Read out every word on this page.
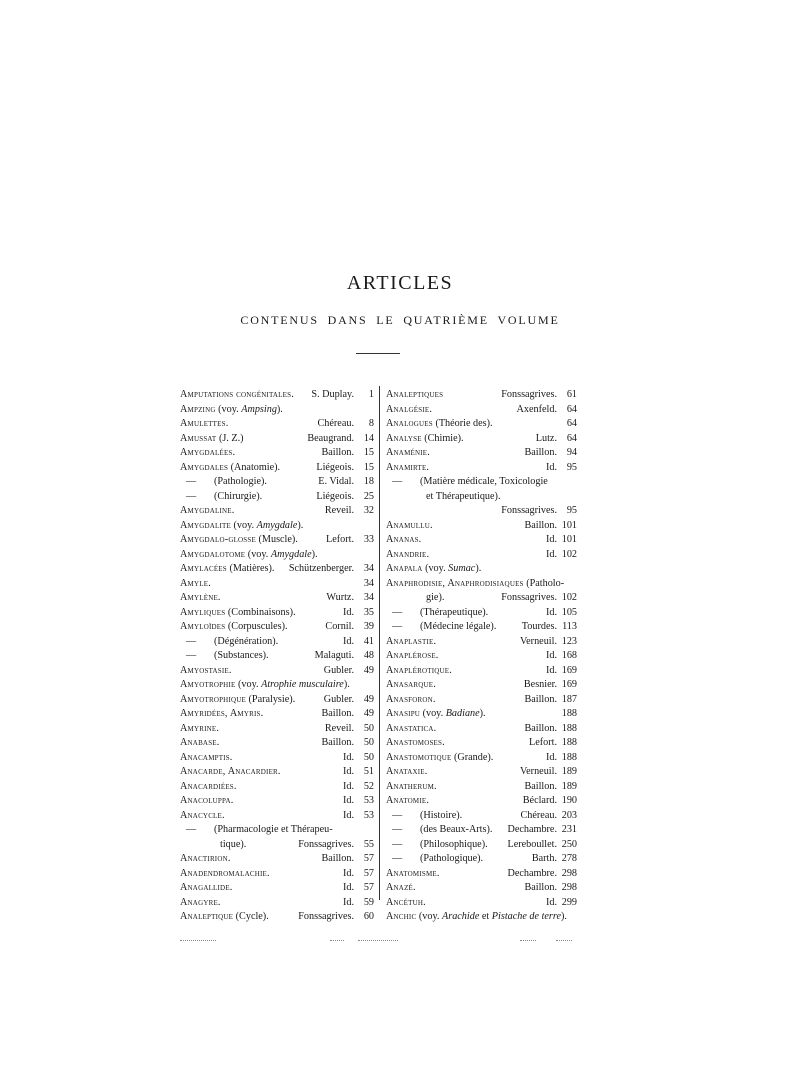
ARTICLES
CONTENUS DANS LE QUATRIÈME VOLUME
Amputations congénitales. S. Duplay.	1
Ampzing (voy. Ampsing).
Amulettes.	Chéreau.	8
Amussat (J. Z.)	Beaugrand. 14
Amygdalées.	Baillon. 15
Amygdales (Anatomie).	Liégeois. 15
— (Pathologie).	E. Vidal. 18
— (Chirurgie).	Liégeois. 25
Amygdaline.	Reveil. 32
Amygdalite (voy. Amygdale).
Amygdalo-glosse (Muscle).	Lefort. 33
Amygdalotome (voy. Amygdale).
Amylacées (Matières). Schützenberger. 34
Amyle.	34
Amylène.	Wurtz. 34
Amyliques (Combinaisons).	Id. 35
Amyloïdes (Corpuscules).	Cornil. 39
— (Dégénération).	Id. 41
— (Substances).	Malaguti. 48
Amyostasie.	Gubler. 49
Amyotrophie (voy. Atrophie musculaire).
Amyotrophique (Paralysie).	Gubler. 49
Amyridées, Amyris.	Baillon. 49
Amyrine.	Reveil. 50
Anabase.	Baillon. 50
Anacamptis.	Id. 50
Anacarde, Anacardier.	Id. 51
Anacardiées.	Id. 52
Anacoluppa.	Id. 53
Anacycle.	Id. 53
— (Pharmacologie et Thérapeu-
tique).	Fonssagrives. 55
Anactirion.	Baillon. 57
Anadendromalachie.	Id. 57
Anagallide.	Id. 57
Anagyre.	Id. 59
Analeptique (Cycle).	Fonssagrives. 60
Analeptiques	Fonssagrives. 61
Analgésie.	Axenfeld. 64
Analogues (Théorie des).	64
Analyse (Chimie).	Lutz. 64
Anaménie.	Baillon. 94
Anamirte.	Id. 95
— (Matière médicale, Toxicologie
et Thérapeutique).
Fonssagrives. 95
Anamullu.	Baillon. 101
Ananas.	Id. 101
Anandrie.	Id. 102
Anapala (voy. Sumac).
Anaphrodisie, Anaphrodisiaques (Patholo-
gie).	Fonssagrives. 102
— (Thérapeutique).	Id. 105
— (Médecine légale). Tourdes. 113
Anaplastie.	Verneuil. 123
Anaplérose.	Id. 168
Anaplérotique.	Id. 169
Anasarque.	Besnier. 169
Anasforon.	Baillon. 187
Anasipu (voy. Badiane).	188
Anastatica.	Baillon. 188
Anastomoses.	Lefort. 188
Anastomotique (Grande).	Id. 188
Anataxie.	Verneuil. 189
Anatherum.	Baillon. 189
Anatomie.	Béclard. 190
— (Histoire).	Chéreau. 203
— (des Beaux-Arts). Dechambre. 231
— (Philosophique). Lereboullet. 250
— (Pathologique).	Barth. 278
Anatomisme.	Dechambre. 298
Anazé.	Baillon. 298
Ancétuh.	Id. 299
Anchic (voy. Arachide et Pistache de terre).
